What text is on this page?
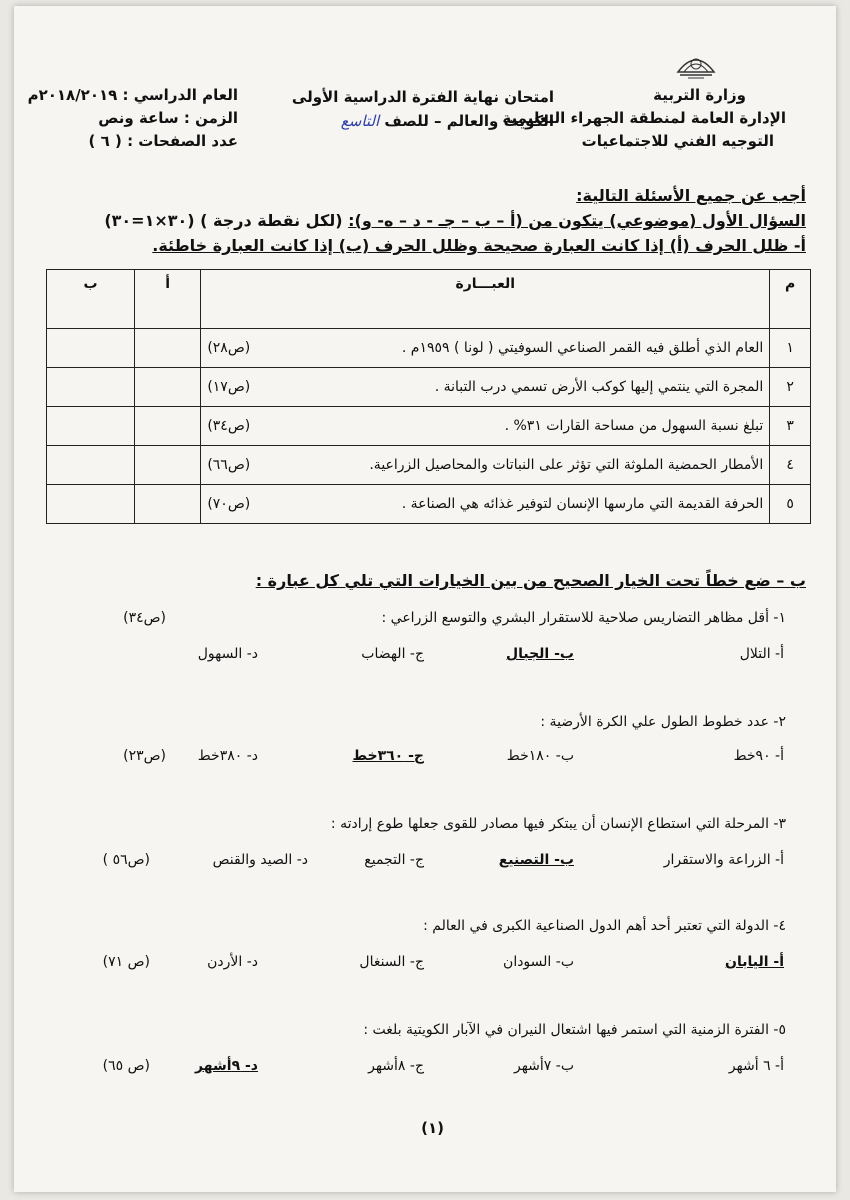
وزارة التربية
الإدارة العامة لمنطقة الجهراء التعليمية
التوجيه الفني للاجتماعيات
امتحان نهاية الفترة الدراسية الأولى
الكويت والعالم – للصف التاسع
العام الدراسي : ٢٠١٨/٢٠١٩م
الزمن : ساعة ونص
عدد الصفحات : ( ٦ )
أجب عن جميع الأسئلة التالية:
السؤال الأول (موضوعي) يتكون من (أ – ب – جـ - د – ه- و): (لكل نقطة درجة ) (٣٠×١=٣٠)
أ- ظلل الحرف (أ) إذا كانت العبارة صحيحة وظلل الحرف (ب) إذا كانت العبارة خاطئة.
م	العبـــارة	أ	ب
١	العام الذي أطلق فيه القمر الصناعي السوفيتي ( لونا ) ١٩٥٩م .
(ص٢٨)		

٢	المجرة التي ينتمي إليها كوكب الأرض تسمي درب التبانة .
(ص١٧)		

٣	تبلغ نسبة السهول من مساحة القارات ٣١% .
(ص٣٤)		

٤	الأمطار الحمضية الملوثة التي تؤثر على النباتات والمحاصيل الزراعية.
(ص٦٦)		

٥	الحرفة القديمة التي مارسها الإنسان لتوفير غذائه هي الصناعة .
(ص٧٠)		

ب – ضع خطاً تحت الخيار الصحيح من بين الخيارات التي تلي كل عبارة :
١- أقل مظاهر التضاريس صلاحية للاستقرار البشري والتوسع الزراعي :
(ص٣٤)
أ- التلال
ب- الجبال
ج- الهضاب
د- السهول
٢- عدد خطوط الطول علي الكرة الأرضية :
أ- ٩٠خط
ب- ١٨٠خط
ج- ٣٦٠خط
د- ٣٨٠خط
(ص٢٣)
٣- المرحلة التي استطاع الإنسان أن يبتكر فيها مصادر للقوى جعلها طوع إرادته :
أ- الزراعة والاستقرار
ب- التصنيع
ج- التجميع
د- الصيد والقنص
(ص٥٦ )
٤- الدولة التي تعتبر أحد أهم الدول الصناعية الكبرى في العالم :
أ- اليابان
ب- السودان
ج- السنغال
د- الأردن
(ص ٧١)
٥- الفترة الزمنية التي استمر فيها اشتعال النيران في الآبار الكويتية بلغت :
أ- ٦ أشهر
ب- ٧أشهر
ج- ٨أشهر
د- ٩أشهر
(ص ٦٥)
(١)
